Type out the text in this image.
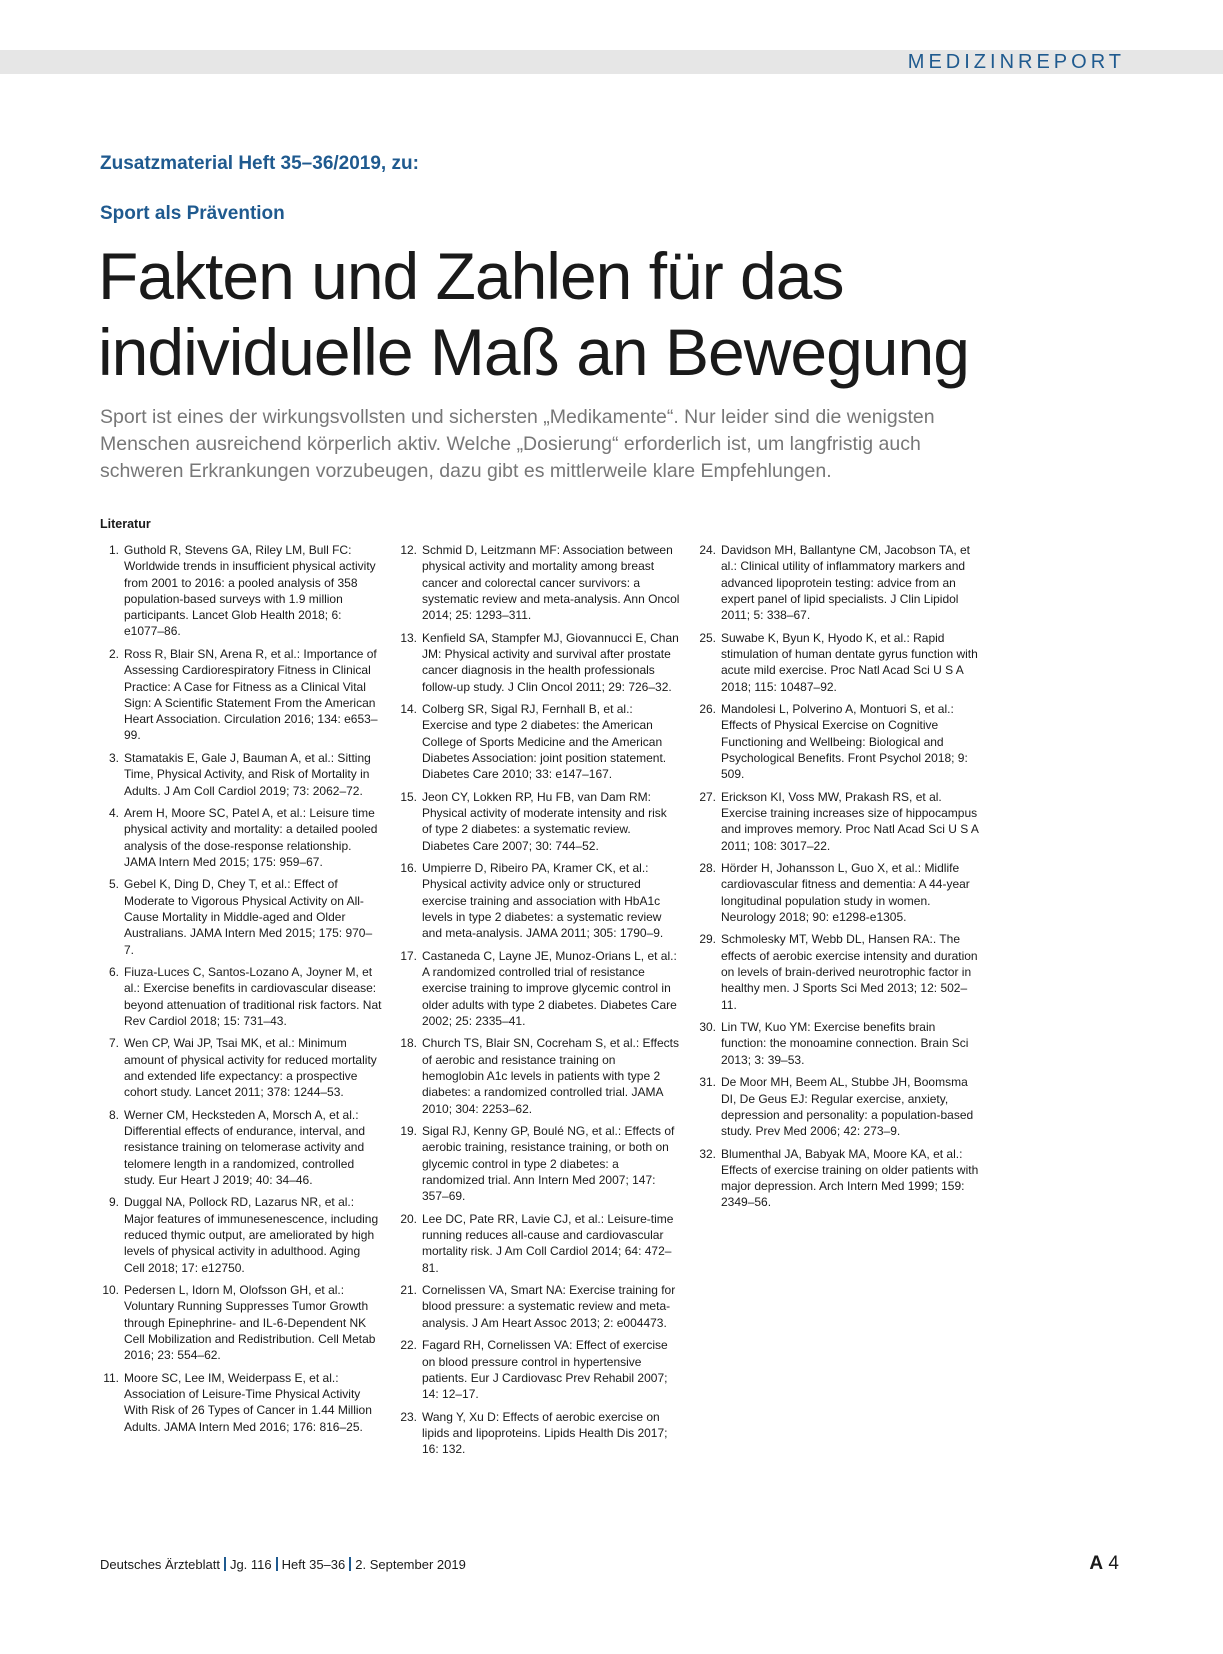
MEDIZINREPORT
Zusatzmaterial Heft 35–36/2019, zu:
Sport als Prävention
Fakten und Zahlen für das
individuelle Maß an Bewegung

Sport ist eines der wirkungsvollsten und sichersten „Medikamente“. Nur leider sind die wenigsten Menschen ausreichend körperlich aktiv. Welche „Dosierung“ erforderlich ist, um langfristig auch schweren Erkrankungen vorzubeugen, dazu gibt es mittlerweile klare Empfehlungen.

Literatur
1. Guthold R, Stevens GA, Riley LM, Bull FC: Worldwide trends in insufficient physical activity from 2001 to 2016: a pooled analysis of 358 population-based surveys with 1.9 million participants. Lancet Glob Health 2018; 6: e1077–86.
2. Ross R, Blair SN, Arena R, et al.: Importance of Assessing Cardiorespiratory Fitness in Clinical Practice: A Case for Fitness as a Clinical Vital Sign: A Scientific Statement From the American Heart Association. Circulation 2016; 134: e653–99.
3. Stamatakis E, Gale J, Bauman A, et al.: Sitting Time, Physical Activity, and Risk of Mortality in Adults. J Am Coll Cardiol 2019; 73: 2062–72.
4. Arem H, Moore SC, Patel A, et al.: Leisure time physical activity and mortality: a detailed pooled analysis of the dose-response relationship. JAMA Intern Med 2015; 175: 959–67.
5. Gebel K, Ding D, Chey T, et al.: Effect of Moderate to Vigorous Physical Activity on All-Cause Mortality in Middle-aged and Older Australians. JAMA Intern Med 2015; 175: 970–7.
6. Fiuza-Luces C, Santos-Lozano A, Joyner M, et al.: Exercise benefits in cardiovascular disease: beyond attenuation of traditional risk factors. Nat Rev Cardiol 2018; 15: 731–43.
7. Wen CP, Wai JP, Tsai MK, et al.: Minimum amount of physical activity for reduced mortality and extended life expectancy: a prospective cohort study. Lancet 2011; 378: 1244–53.
8. Werner CM, Hecksteden A, Morsch A, et al.: Differential effects of endurance, interval, and resistance training on telomerase activity and telomere length in a randomized, controlled study. Eur Heart J 2019; 40: 34–46.
9. Duggal NA, Pollock RD, Lazarus NR, et al.: Major features of immunesenescence, including reduced thymic output, are ameliorated by high levels of physical activity in adulthood. Aging Cell 2018; 17: e12750.
10. Pedersen L, Idorn M, Olofsson GH, et al.: Voluntary Running Suppresses Tumor Growth through Epinephrine- and IL-6-Dependent NK Cell Mobilization and Redistribution. Cell Metab 2016; 23: 554–62.
11. Moore SC, Lee IM, Weiderpass E, et al.: Association of Leisure-Time Physical Activity With Risk of 26 Types of Cancer in 1.44 Million Adults. JAMA Intern Med 2016; 176: 816–25.
12. Schmid D, Leitzmann MF: Association between physical activity and mortality among breast cancer and colorectal cancer survivors: a systematic review and meta-analysis. Ann Oncol 2014; 25: 1293–311.
13. Kenfield SA, Stampfer MJ, Giovannucci E, Chan JM: Physical activity and survival after prostate cancer diagnosis in the health professionals follow-up study. J Clin Oncol 2011; 29: 726–32.
14. Colberg SR, Sigal RJ, Fernhall B, et al.: Exercise and type 2 diabetes: the American College of Sports Medicine and the American Diabetes Association: joint position statement. Diabetes Care 2010; 33: e147–167.
15. Jeon CY, Lokken RP, Hu FB, van Dam RM: Physical activity of moderate intensity and risk of type 2 diabetes: a systematic review. Diabetes Care 2007; 30: 744–52.
16. Umpierre D, Ribeiro PA, Kramer CK, et al.: Physical activity advice only or structured exercise training and association with HbA1c levels in type 2 diabetes: a systematic review and meta-analysis. JAMA 2011; 305: 1790–9.
17. Castaneda C, Layne JE, Munoz-Orians L, et al.: A randomized controlled trial of resistance exercise training to improve glycemic control in older adults with type 2 diabetes. Diabetes Care 2002; 25: 2335–41.
18. Church TS, Blair SN, Cocreham S, et al.: Effects of aerobic and resistance training on hemoglobin A1c levels in patients with type 2 diabetes: a randomized controlled trial. JAMA 2010; 304: 2253–62.
19. Sigal RJ, Kenny GP, Boulé NG, et al.: Effects of aerobic training, resistance training, or both on glycemic control in type 2 diabetes: a randomized trial. Ann Intern Med 2007; 147: 357–69.
20. Lee DC, Pate RR, Lavie CJ, et al.: Leisure-time running reduces all-cause and cardiovascular mortality risk. J Am Coll Cardiol 2014; 64: 472–81.
21. Cornelissen VA, Smart NA: Exercise training for blood pressure: a systematic review and meta-analysis. J Am Heart Assoc 2013; 2: e004473.
22. Fagard RH, Cornelissen VA: Effect of exercise on blood pressure control in hypertensive patients. Eur J Cardiovasc Prev Rehabil 2007; 14: 12–17.
23. Wang Y, Xu D: Effects of aerobic exercise on lipids and lipoproteins. Lipids Health Dis 2017; 16: 132.
24. Davidson MH, Ballantyne CM, Jacobson TA, et al.: Clinical utility of inflammatory markers and advanced lipoprotein testing: advice from an expert panel of lipid specialists. J Clin Lipidol 2011; 5: 338–67.
25. Suwabe K, Byun K, Hyodo K, et al.: Rapid stimulation of human dentate gyrus function with acute mild exercise. Proc Natl Acad Sci U S A 2018; 115: 10487–92.
26. Mandolesi L, Polverino A, Montuori S, et al.: Effects of Physical Exercise on Cognitive Functioning and Wellbeing: Biological and Psychological Benefits. Front Psychol 2018; 9: 509.
27. Erickson KI, Voss MW, Prakash RS, et al. Exercise training increases size of hippocampus and improves memory. Proc Natl Acad Sci U S A 2011; 108: 3017–22.
28. Hörder H, Johansson L, Guo X, et al.: Midlife cardiovascular fitness and dementia: A 44-year longitudinal population study in women. Neurology 2018; 90: e1298-e1305.
29. Schmolesky MT, Webb DL, Hansen RA:. The effects of aerobic exercise intensity and duration on levels of brain-derived neurotrophic factor in healthy men. J Sports Sci Med 2013; 12: 502–11.
30. Lin TW, Kuo YM: Exercise benefits brain function: the monoamine connection. Brain Sci 2013; 3: 39–53.
31. De Moor MH, Beem AL, Stubbe JH, Boomsma DI, De Geus EJ: Regular exercise, anxiety, depression and personality: a population-based study. Prev Med 2006; 42: 273–9.
32. Blumenthal JA, Babyak MA, Moore KA, et al.: Effects of exercise training on older patients with major depression. Arch Intern Med 1999; 159: 2349–56.
Deutsches Ärzteblatt Jg. 116 Heft 35–36 2. September 2019	A 4
